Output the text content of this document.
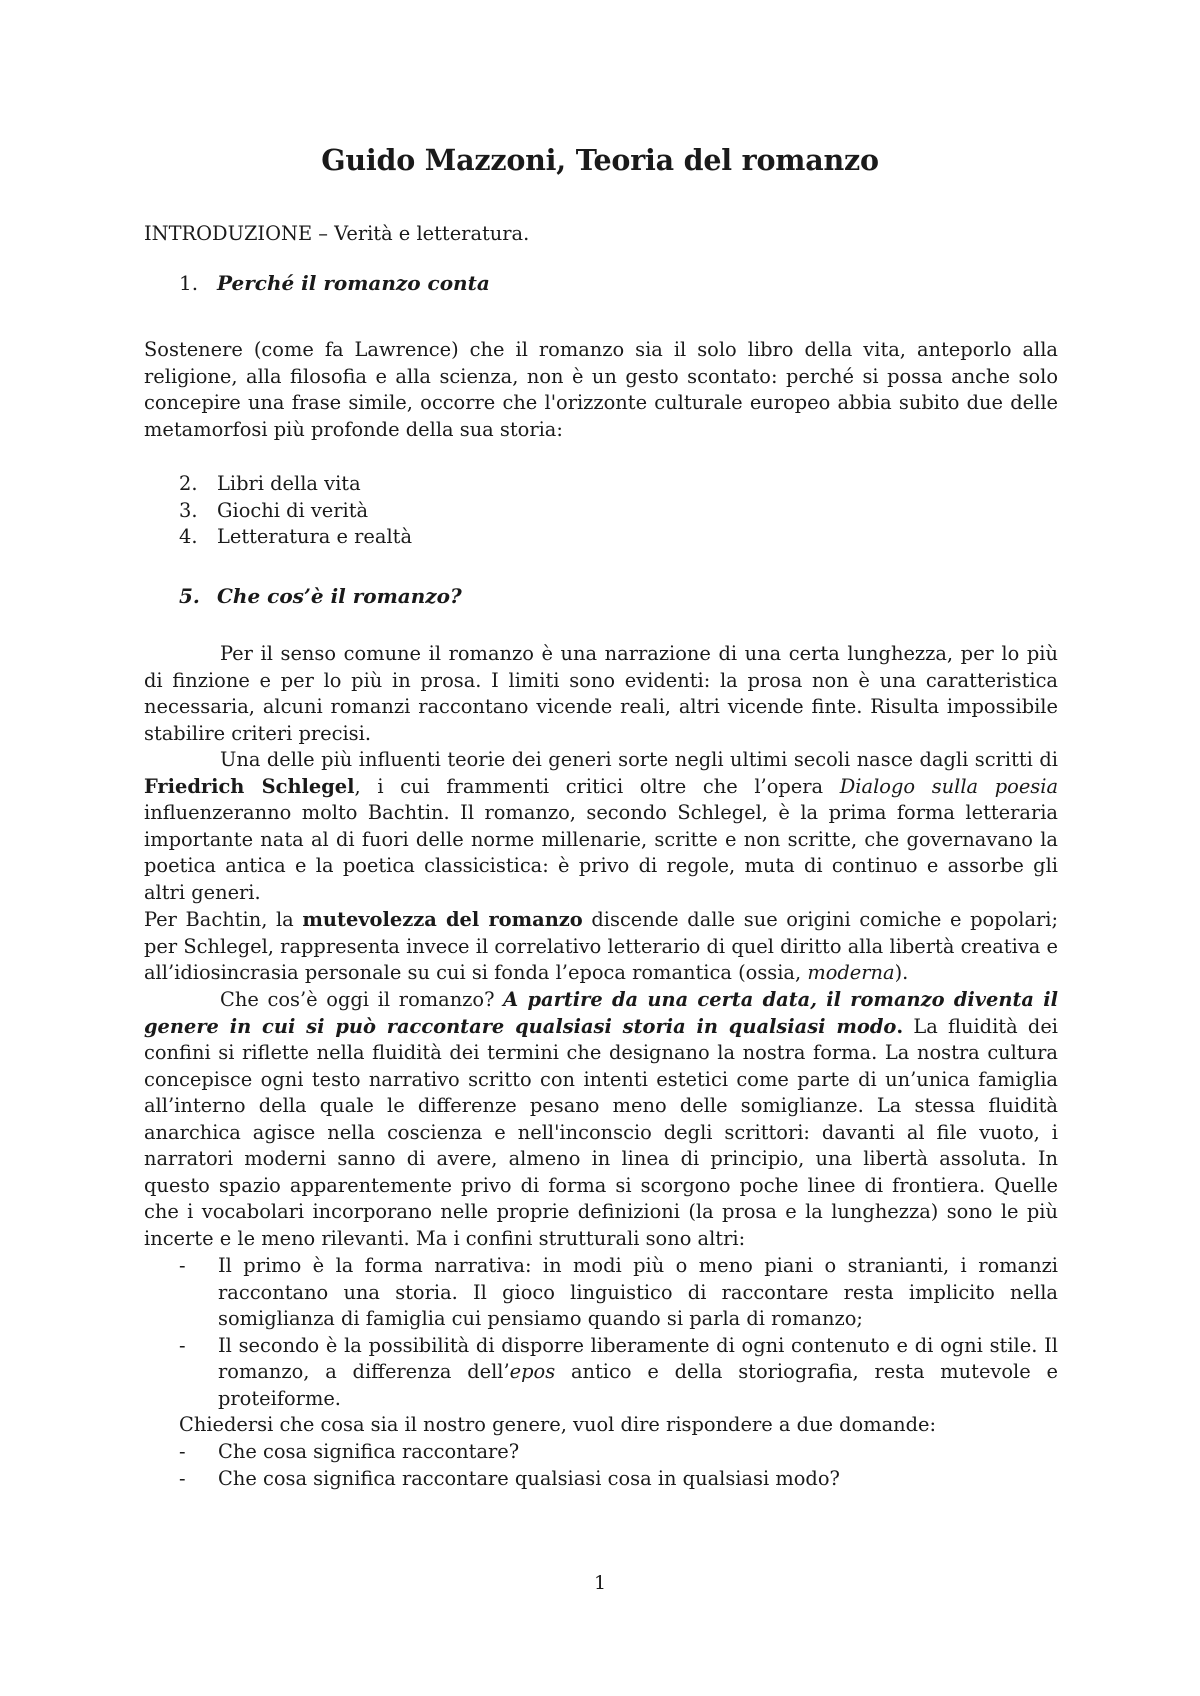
Guido Mazzoni, Teoria del romanzo

INTRODUZIONE – Verità e letteratura.

1. Perché il romanzo conta

Sostenere (come fa Lawrence) che il romanzo sia il solo libro della vita, anteporlo alla religione, alla filosofia e alla scienza, non è un gesto scontato: perché si possa anche solo concepire una frase simile, occorre che l'orizzonte culturale europeo abbia subito due delle metamorfosi più profonde della sua storia:

2. Libri della vita
3. Giochi di verità
4. Letteratura e realtà
5. Che cos’è il romanzo?

Per il senso comune il romanzo è una narrazione di una certa lunghezza, per lo più di finzione e per lo più in prosa. I limiti sono evidenti: la prosa non è una caratteristica necessaria, alcuni romanzi raccontano vicende reali, altri vicende finte. Risulta impossibile stabilire criteri precisi.

Una delle più influenti teorie dei generi sorte negli ultimi secoli nasce dagli scritti di Friedrich Schlegel, i cui frammenti critici oltre che l’opera Dialogo sulla poesia influenzeranno molto Bachtin. Il romanzo, secondo Schlegel, è la prima forma letteraria importante nata al di fuori delle norme millenarie, scritte e non scritte, che governavano la poetica antica e la poetica classicistica: è privo di regole, muta di continuo e assorbe gli altri generi.

Per Bachtin, la mutevolezza del romanzo discende dalle sue origini comiche e popolari; per Schlegel, rappresenta invece il correlativo letterario di quel diritto alla libertà creativa e all’idiosincrasia personale su cui si fonda l’epoca romantica (ossia, moderna).

Che cos’è oggi il romanzo? A partire da una certa data, il romanzo diventa il genere in cui si può raccontare qualsiasi storia in qualsiasi modo. La fluidità dei confini si riflette nella fluidità dei termini che designano la nostra forma. La nostra cultura concepisce ogni testo narrativo scritto con intenti estetici come parte di un’unica famiglia all’interno della quale le differenze pesano meno delle somiglianze. La stessa fluidità anarchica agisce nella coscienza e nell'inconscio degli scrittori: davanti al file vuoto, i narratori moderni sanno di avere, almeno in linea di principio, una libertà assoluta. In questo spazio apparentemente privo di forma si scorgono poche linee di frontiera. Quelle che i vocabolari incorporano nelle proprie definizioni (la prosa e la lunghezza) sono le più incerte e le meno rilevanti. Ma i confini strutturali sono altri:

- Il primo è la forma narrativa: in modi più o meno piani o stranianti, i romanzi raccontano una storia. Il gioco linguistico di raccontare resta implicito nella somiglianza di famiglia cui pensiamo quando si parla di romanzo;
- Il secondo è la possibilità di disporre liberamente di ogni contenuto e di ogni stile. Il romanzo, a differenza dell’epos antico e della storiografia, resta mutevole e proteiforme.

Chiedersi che cosa sia il nostro genere, vuol dire rispondere a due domande:

- Che cosa significa raccontare?
- Che cosa significa raccontare qualsiasi cosa in qualsiasi modo?

1
